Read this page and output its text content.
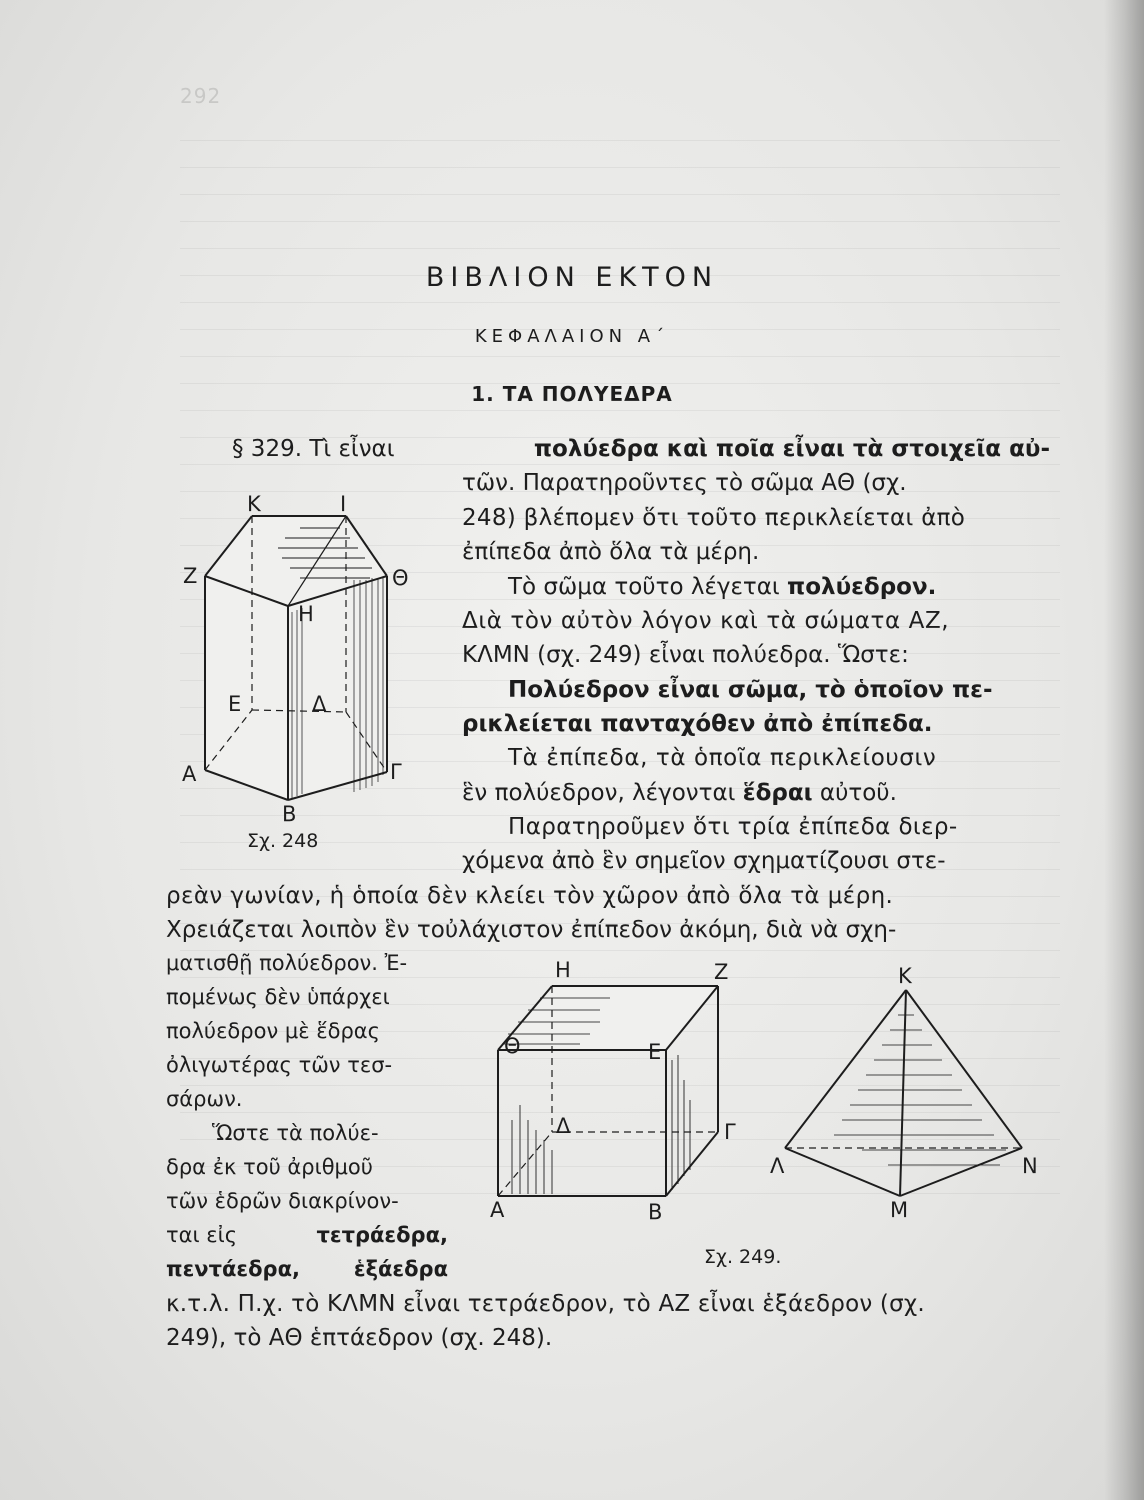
292
ΒΙΒΛΙΟΝ ΕΚΤΟΝ
ΚΕΦΑΛΑΙΟΝ Α΄
1. ΤΑ ΠΟΛΥΕΔΡΑ
§ 329. Τὶ εἶναι	πολύεδρα καὶ ποῖα εἶναι τὰ στοιχεῖα αὐ-
τῶν. Παρατηροῦντες τὸ σῶμα ΑΘ (σχ.
248) βλέπομεν ὅτι τοῦτο περικλείεται ἀπὸ
ἐπίπεδα ἀπὸ ὅλα τὰ μέρη.
Τὸ σῶμα τοῦτο λέγεται πολύεδρον.
Διὰ τὸν αὐτὸν λόγον καὶ τὰ σώματα ΑΖ,
ΚΛΜΝ (σχ. 249) εἶναι πολύεδρα. Ὥστε:
Πολύεδρον εἶναι σῶμα, τὸ ὁποῖον πε-
ρικλείεται πανταχόθεν ἀπὸ ἐπίπεδα.
Τὰ ἐπίπεδα, τὰ ὁποῖα περικλείουσιν
ἓν πολύεδρον, λέγονται ἕδραι αὐτοῦ.
Παρατηροῦμεν ὅτι τρία ἐπίπεδα διερ-
χόμενα ἀπὸ ἓν σημεῖον σχηματίζουσι στε-
ρεὰν γωνίαν, ἡ ὁποία δὲν κλείει τὸν χῶρον ἀπὸ ὅλα τὰ μέρη.
Χρειάζεται λοιπὸν ἓν τοὐλάχιστον ἐπίπεδον ἀκόμη, διὰ νὰ σχη-
ματισθῇ πολύεδρον. Ἐ-
πομένως δὲν ὑπάρχει
πολύεδρον μὲ ἕδρας
ὀλιγωτέρας τῶν τεσ-
σάρων.
Ὥστε τὰ πολύε-
δρα ἐκ τοῦ ἀριθμοῦ
τῶν ἑδρῶν διακρίνον-
ται εἰς	τετράεδρα,
πεντάεδρα,	ἑξάεδρα
κ.τ.λ. Π.χ. τὸ ΚΛΜΝ εἶναι τετράεδρον, τὸ ΑΖ εἶναι ἑξάεδρον (σχ.
249), τὸ ΑΘ ἑπτάεδρον (σχ. 248).
Κ	Ι
Ζ	Θ
Η
Ε	Δ
Α	Γ
Β
Σχ. 248
Η	Ζ
Θ	Ε
Δ	Γ
Α	Β
Κ
Λ	Ν
Μ
Σχ. 249.
